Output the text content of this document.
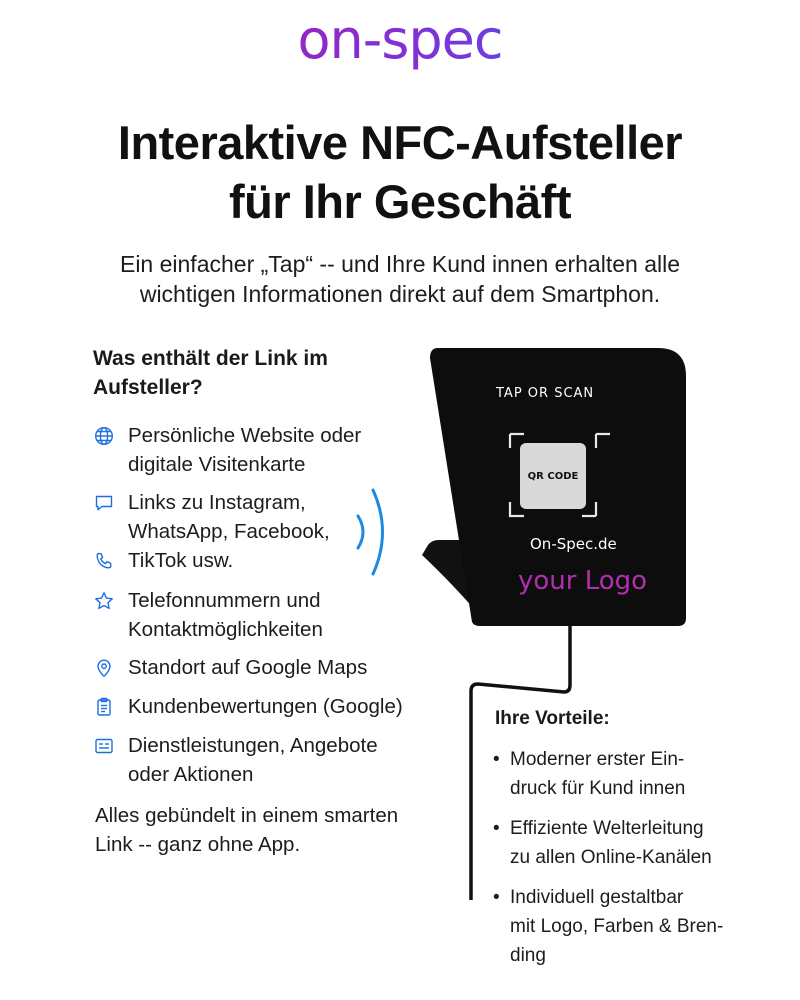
on-spec
Interaktive NFC-Aufsteller
für Ihr Geschäft
Ein einfacher „Tap“ -- und Ihre Kund innen erhalten alle
wichtigen Informationen direkt auf dem Smartphon.
Was enthält der Link im Aufsteller?
Persönliche Website oder
digitale Visitenkarte
Links zu Instagram,
WhatsApp, Facebook,
TikTok usw.
Telefonnummern und
Kontaktmöglichkeiten
Standort auf Google Maps
Kundenbewertungen (Google)
Dienstleistungen, Angebote
oder Aktionen
Alles gebündelt in einem smarten
Link -- ganz ohne App.
TAP OR SCAN
QR CODE
On-Spec.de
your Logo
Ihre Vorteile:
• Moderner erster Ein-
druck für Kund innen
• Effiziente Welterleitung
zu allen Online-Kanälen
• Individuell gestaltbar
mit Logo, Farben & Bren-
ding
